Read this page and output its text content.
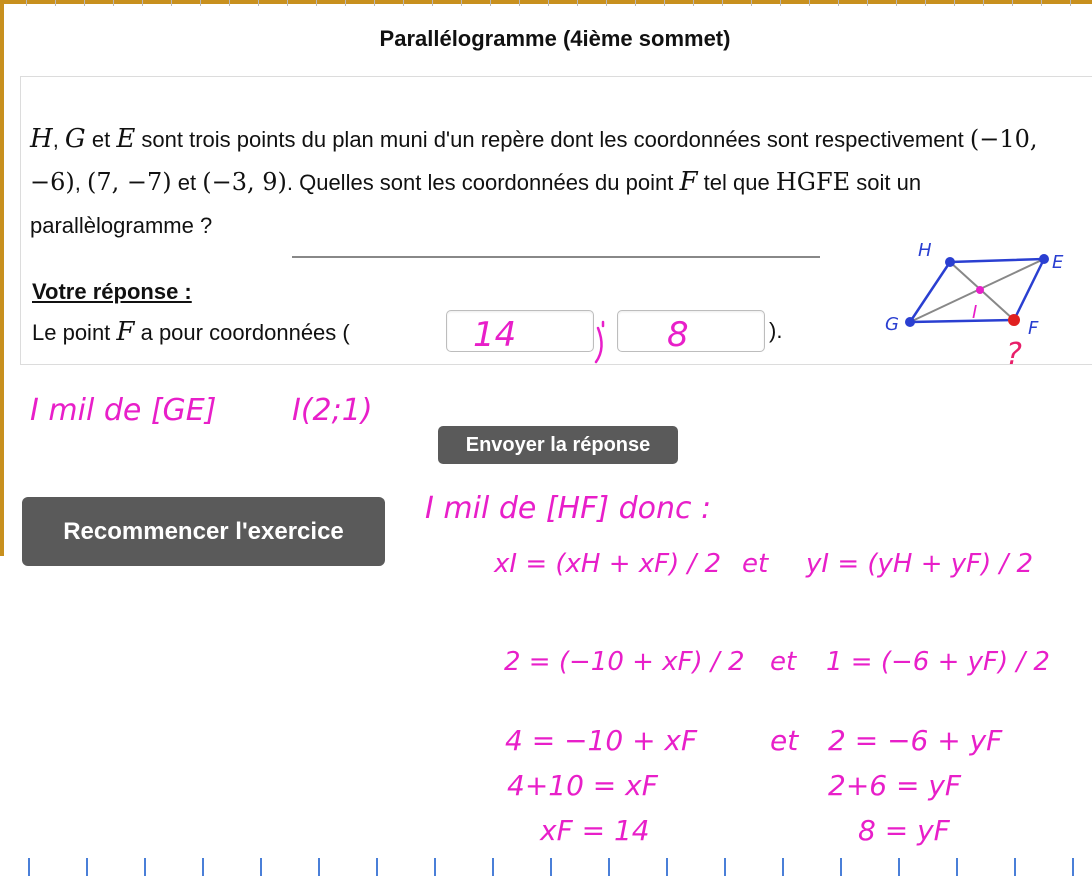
Parallélogramme (4ième sommet)
H, G et E sont trois points du plan muni d'un repère dont les coordonnées sont respectivement (−10, −6), (7, −7) et (−3, 9). Quelles sont les coordonnées du point F tel que HGFE soit un parallèlogramme ?
Votre réponse :
Le point F a pour coordonnées (	).
Envoyer la réponse
Recommencer l'exercice
14	8
H
E
G	F
I
?
I mil de [GE]	I(2;1)
I mil de [HF] donc :
xI = (xH + xF) / 2 et yI = (yH + yF) / 2
2 = (−10 + xF) / 2 et 1 = (−6 + yF) / 2
4 = −10 + xF	et 2 = −6 + yF
4+10 = xF	2+6 = yF
xF = 14	8 = yF
